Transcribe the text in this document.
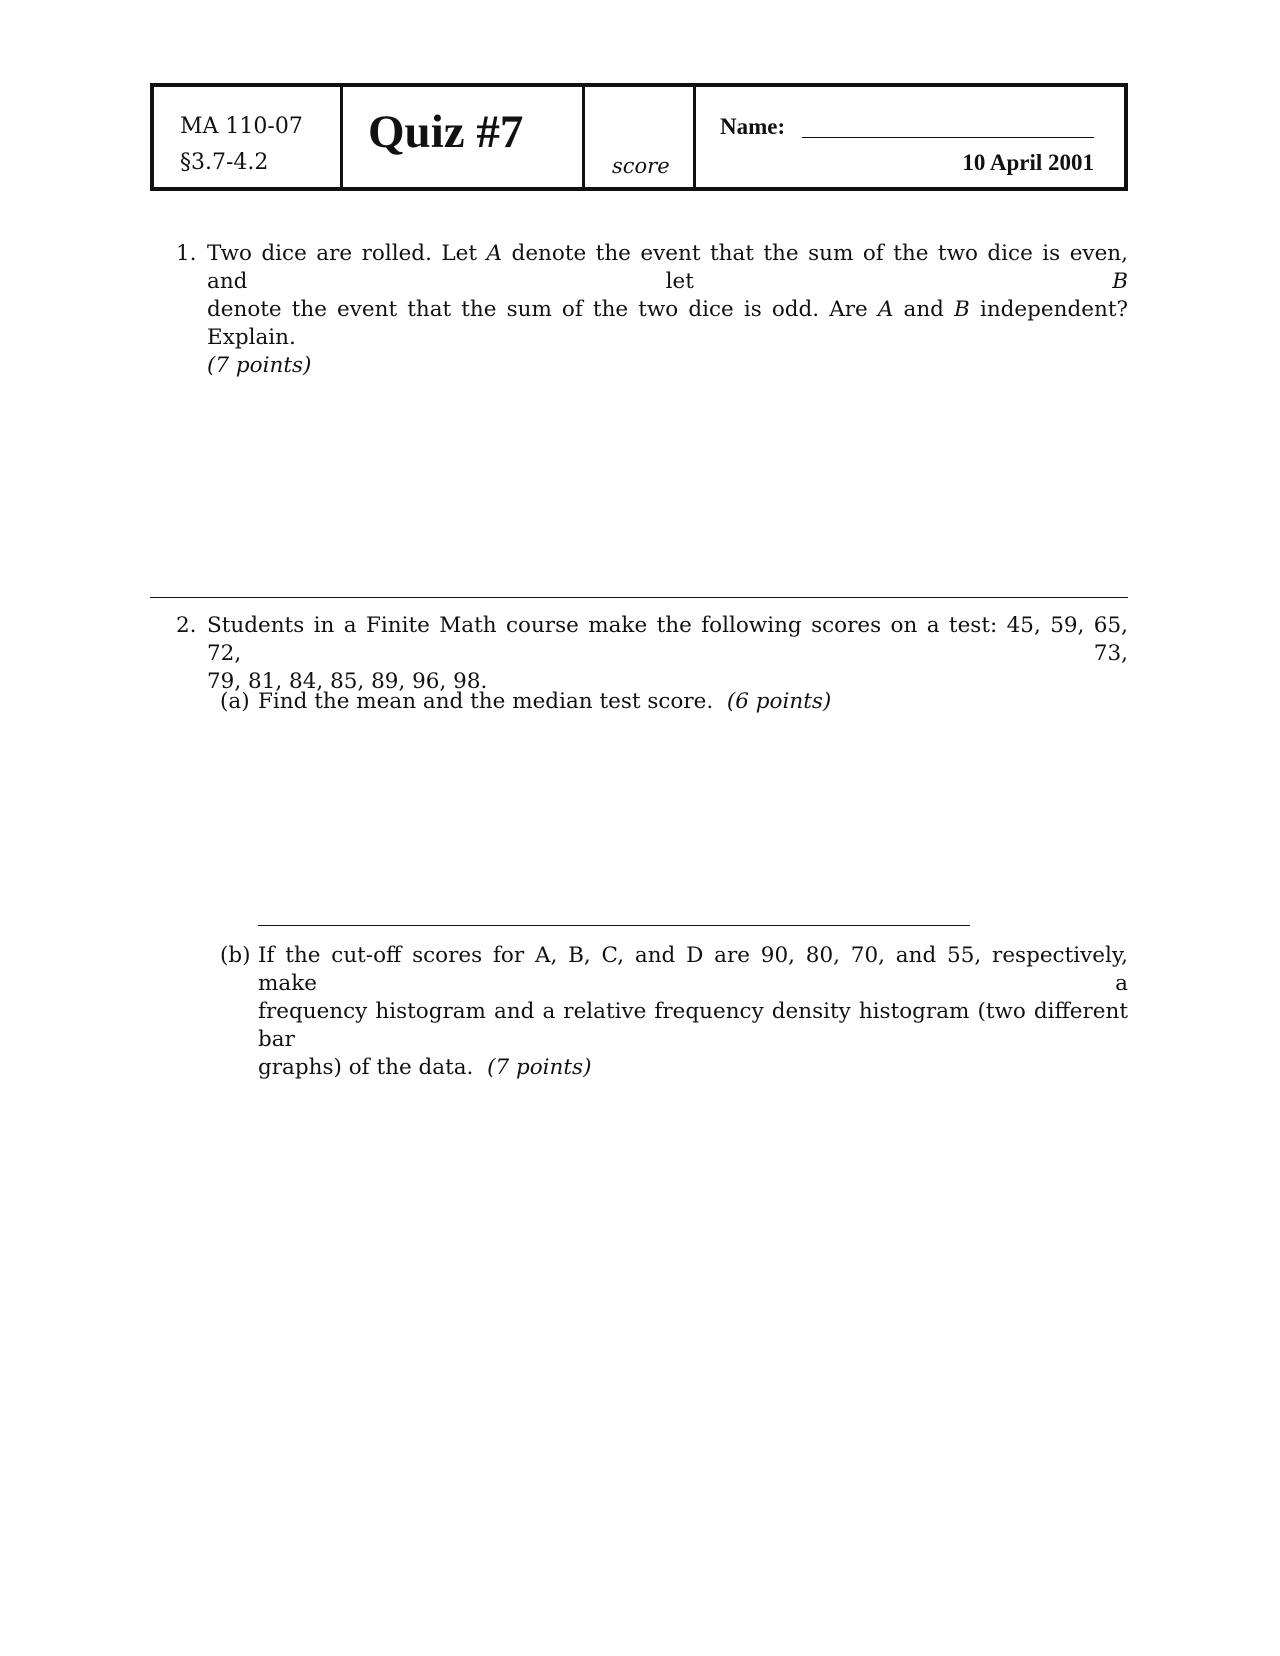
MA 110-07
§3.7-4.2
Quiz #7
score
Name:
10 April 2001
1. Two dice are rolled. Let A denote the event that the sum of the two dice is even, and let B
denote the event that the sum of the two dice is odd. Are A and B independent? Explain.
(7 points)
2. Students in a Finite Math course make the following scores on a test: 45, 59, 65, 72, 73,
79, 81, 84, 85, 89, 96, 98.
(a) Find the mean and the median test score. (6 points)
(b) If the cut-off scores for A, B, C, and D are 90, 80, 70, and 55, respectively, make a
frequency histogram and a relative frequency density histogram (two different bar
graphs) of the data. (7 points)
